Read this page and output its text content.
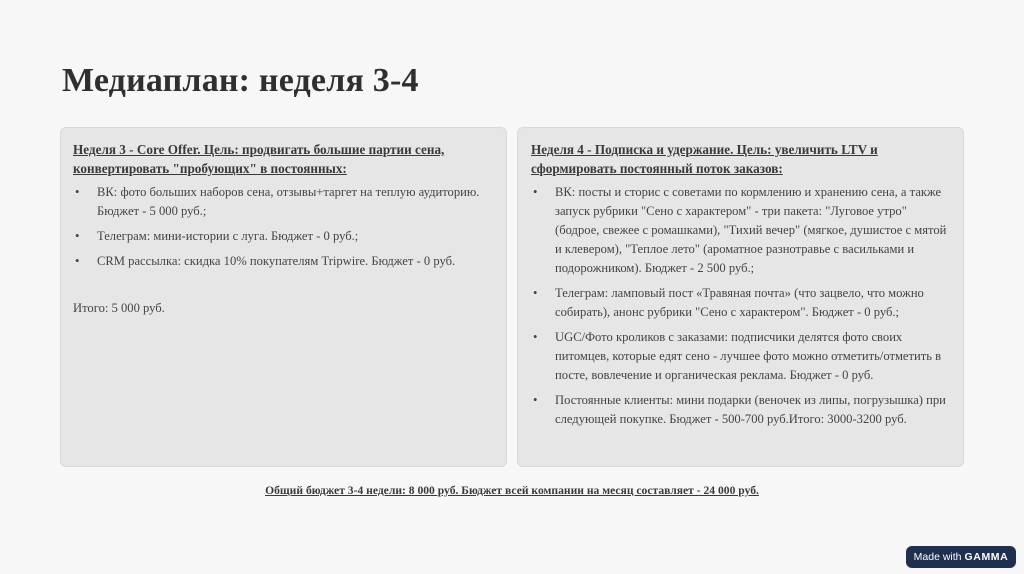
Медиаплан: неделя 3-4
Неделя 3 - Core Offer. Цель: продвигать большие партии сена, конвертировать "пробующих" в постоянных:
• ВК: фото больших наборов сена, отзывы+таргет на теплую аудиторию. Бюджет - 5 000 руб.;
• Телеграм: мини-истории с луга. Бюджет - 0 руб.;
• CRM рассылка: скидка 10% покупателям Tripwire. Бюджет - 0 руб.
Итого: 5 000 руб.
Неделя 4 - Подписка и удержание. Цель: увеличить LTV и сформировать постоянный поток заказов:
• ВК: посты и сторис с советами по кормлению и хранению сена, а также запуск рубрики "Сено с характером" - три пакета: "Луговое утро" (бодрое, свежее с ромашками), "Тихий вечер" (мягкое, душистое с мятой и клевером), "Теплое лето" (ароматное разнотравье с васильками и подорожником). Бюджет - 2 500 руб.;
• Телеграм: ламповый пост «Травяная почта» (что зацвело, что можно собирать), анонс рубрики "Сено с характером". Бюджет - 0 руб.;
• UGC/Фото кроликов с заказами: подписчики делятся фото своих питомцев, которые едят сено - лучшее фото можно отметить/отметить в посте, вовлечение и органическая реклама. Бюджет - 0 руб.
• Постоянные клиенты: мини подарки (веночек из липы, погрузышка) при следующей покупке. Бюджет - 500-700 руб.Итого: 3000-3200 руб.
Общий бюджет 3-4 недели: 8 000 руб. Бюджет всей компании на месяц составляет - 24 000 руб.
Made with GAMMA
